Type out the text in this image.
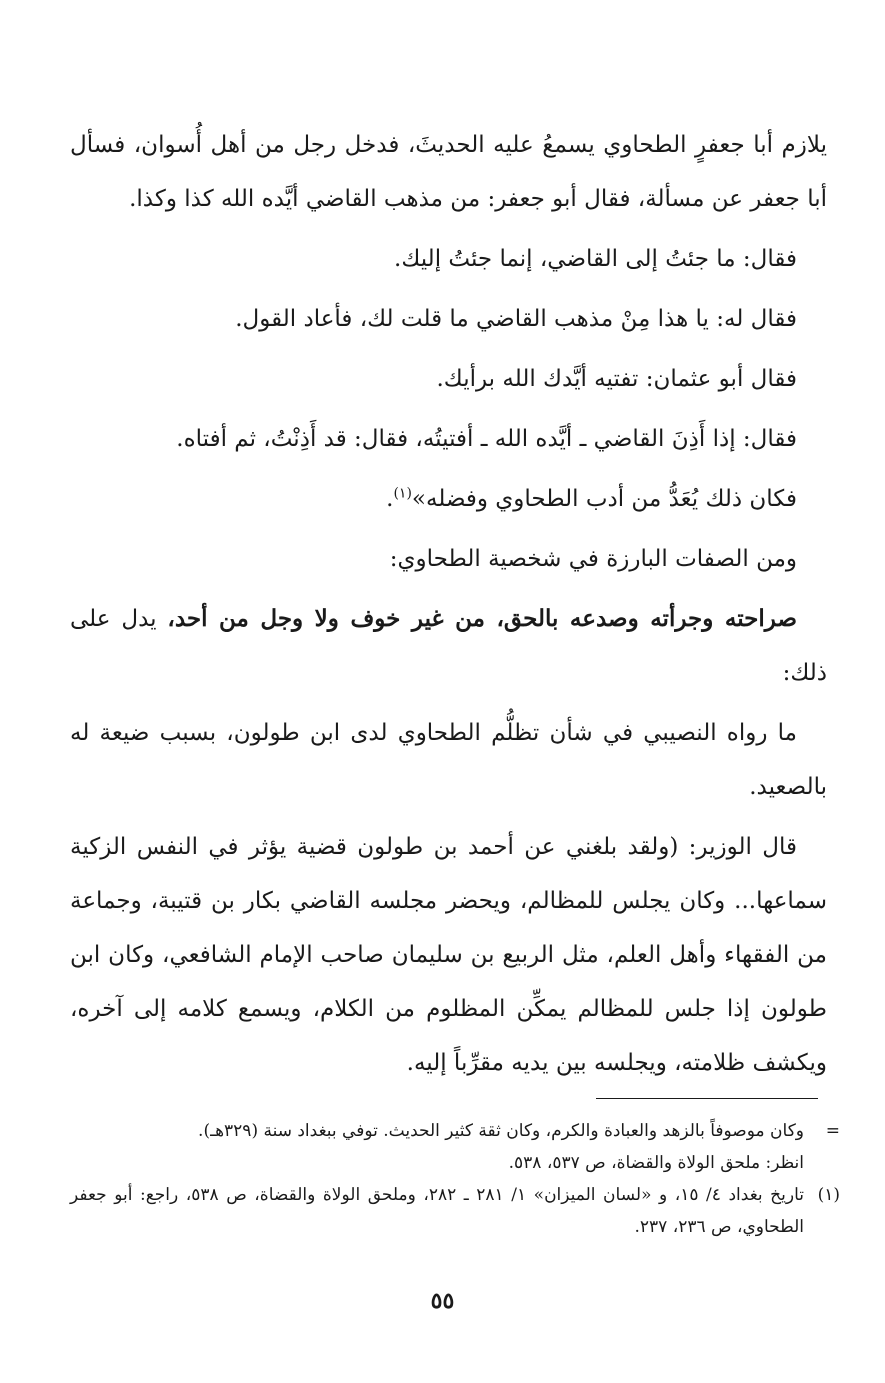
يلازم أبا جعفرٍ الطحاوي يسمعُ عليه الحديثَ، فدخل رجل من أهل أُسوان، فسأل أبا جعفر عن مسألة، فقال أبو جعفر: من مذهب القاضي أيَّده الله كذا وكذا.

فقال: ما جئتُ إلى القاضي، إنما جئتُ إليك.

فقال له: يا هذا مِنْ مذهب القاضي ما قلت لك، فأعاد القول.

فقال أبو عثمان: تفتيه أيَّدك الله برأيك.

فقال: إذا أَذِنَ القاضي ـ أيَّده الله ـ أفتيتُه، فقال: قد أَذِنْتُ، ثم أفتاه.

فكان ذلك يُعَدُّ من أدب الطحاوي وفضله»$^{(١)}$.

ومن الصفات البارزة في شخصية الطحاوي:

صراحته وجرأته وصدعه بالحق، من غير خوف ولا وجل من أحد، يدل على ذلك:

ما رواه النصيبي في شأن تظلُّم الطحاوي لدى ابن طولون، بسبب ضيعة له بالصعيد.

قال الوزير: (ولقد بلغني عن أحمد بن طولون قضية يؤثر في النفس الزكية سماعها... وكان يجلس للمظالم، ويحضر مجلسه القاضي بكار بن قتيبة، وجماعة من الفقهاء وأهل العلم، مثل الربيع بن سليمان صاحب الإمام الشافعي، وكان ابن طولون إذا جلس للمظالم يمكِّن المظلوم من الكلام، ويسمع كلامه إلى آخره، ويكشف ظلامته، ويجلسه بين يديه مقرِّباً إليه.

=
وكان موصوفاً بالزهد والعبادة والكرم، وكان ثقة كثير الحديث. توفي ببغداد سنة (٣٢٩هـ).
انظر: ملحق الولاة والقضاة، ص ٥٣٧، ٥٣٨.
(١)
تاريخ بغداد ٤/ ١٥، و «لسان الميزان» ١/ ٢٨١ ـ ٢٨٢، وملحق الولاة والقضاة، ص ٥٣٨، راجع: أبو جعفر الطحاوي، ص ٢٣٦، ٢٣٧.
٥٥
